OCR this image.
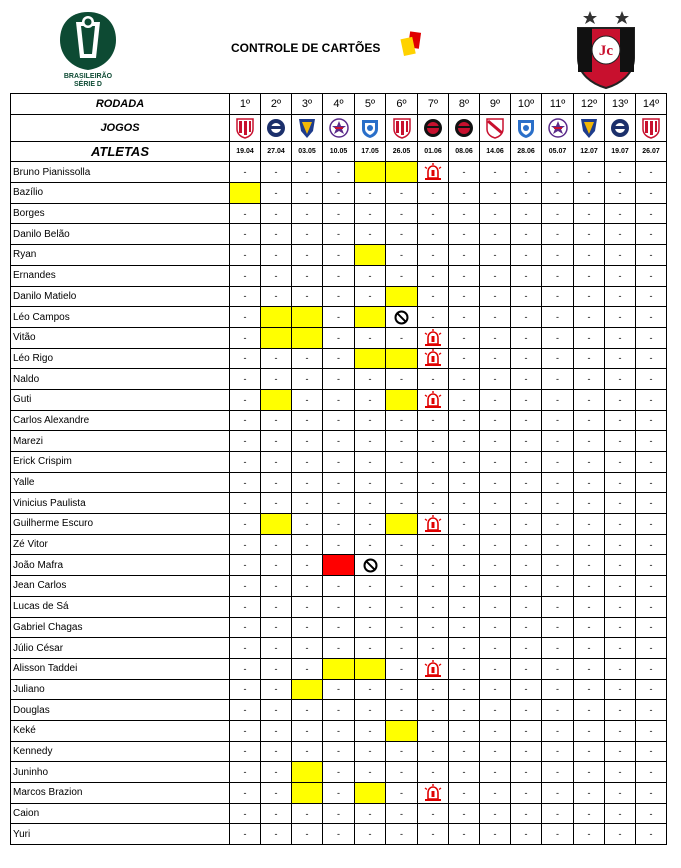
BRASILEIRÃO
SÉRIE D
CONTROLE DE CARTÕES	Jc
RODADA	1º	2º	3º	4º	5º	6º	7º	8º	9º	10º	11º	12º	13º	14º
JOGOS														
ATLETAS	19.04	27.04	03.05	10.05	17.05	26.05	01.06	08.06	14.06	28.06	05.07	12.07	19.07	26.07
Bruno Pianissolla	-	-	-	-				-	-	-	-	-	-	-
Bazílio		-	-	-	-	-	-	-	-	-	-	-	-	-
Borges	-	-	-	-	-	-	-	-	-	-	-	-	-	-
Danilo Belão	-	-	-	-	-	-	-	-	-	-	-	-	-	-
Ryan	-	-	-	-		-	-	-	-	-	-	-	-	-
Ernandes	-	-	-	-	-	-	-	-	-	-	-	-	-	-
Danilo Matielo	-	-	-	-	-		-	-	-	-	-	-	-	-
Léo Campos	-			-			-	-	-	-	-	-	-	-
Vitão	-			-	-	-		-	-	-	-	-	-	-
Léo Rigo	-	-	-	-				-	-	-	-	-	-	-
Naldo	-	-	-	-	-	-	-	-	-	-	-	-	-	-
Guti	-		-	-	-			-	-	-	-	-	-	-
Carlos Alexandre	-	-	-	-	-	-	-	-	-	-	-	-	-	-
Marezi	-	-	-	-	-	-	-	-	-	-	-	-	-	-
Erick Crispim	-	-	-	-	-	-	-	-	-	-	-	-	-	-
Yalle	-	-	-	-	-	-	-	-	-	-	-	-	-	-
Vinicius Paulista	-	-	-	-	-	-	-	-	-	-	-	-	-	-
Guilherme Escuro	-		-	-	-			-	-	-	-	-	-	-
Zé Vitor	-	-	-	-	-	-	-	-	-	-	-	-	-	-
João Mafra	-	-	-			-	-	-	-	-	-	-	-	-
Jean Carlos	-	-	-	-	-	-	-	-	-	-	-	-	-	-
Lucas de Sá	-	-	-	-	-	-	-	-	-	-	-	-	-	-
Gabriel Chagas	-	-	-	-	-	-	-	-	-	-	-	-	-	-
Júlio César	-	-	-	-	-	-	-	-	-	-	-	-	-	-
Alisson Taddei	-	-	-			-		-	-	-	-	-	-	-
Juliano	-	-		-	-	-	-	-	-	-	-	-	-	-
Douglas	-	-	-	-	-	-	-	-	-	-	-	-	-	-
Keké	-	-	-	-	-		-	-	-	-	-	-	-	-
Kennedy	-	-	-	-	-	-	-	-	-	-	-	-	-	-
Juninho	-	-		-	-	-	-	-	-	-	-	-	-	-
Marcos Brazion	-	-		-		-		-	-	-	-	-	-	-
Caion	-	-	-	-	-	-	-	-	-	-	-	-	-	-
Yuri	-	-	-	-	-	-	-	-	-	-	-	-	-	-
